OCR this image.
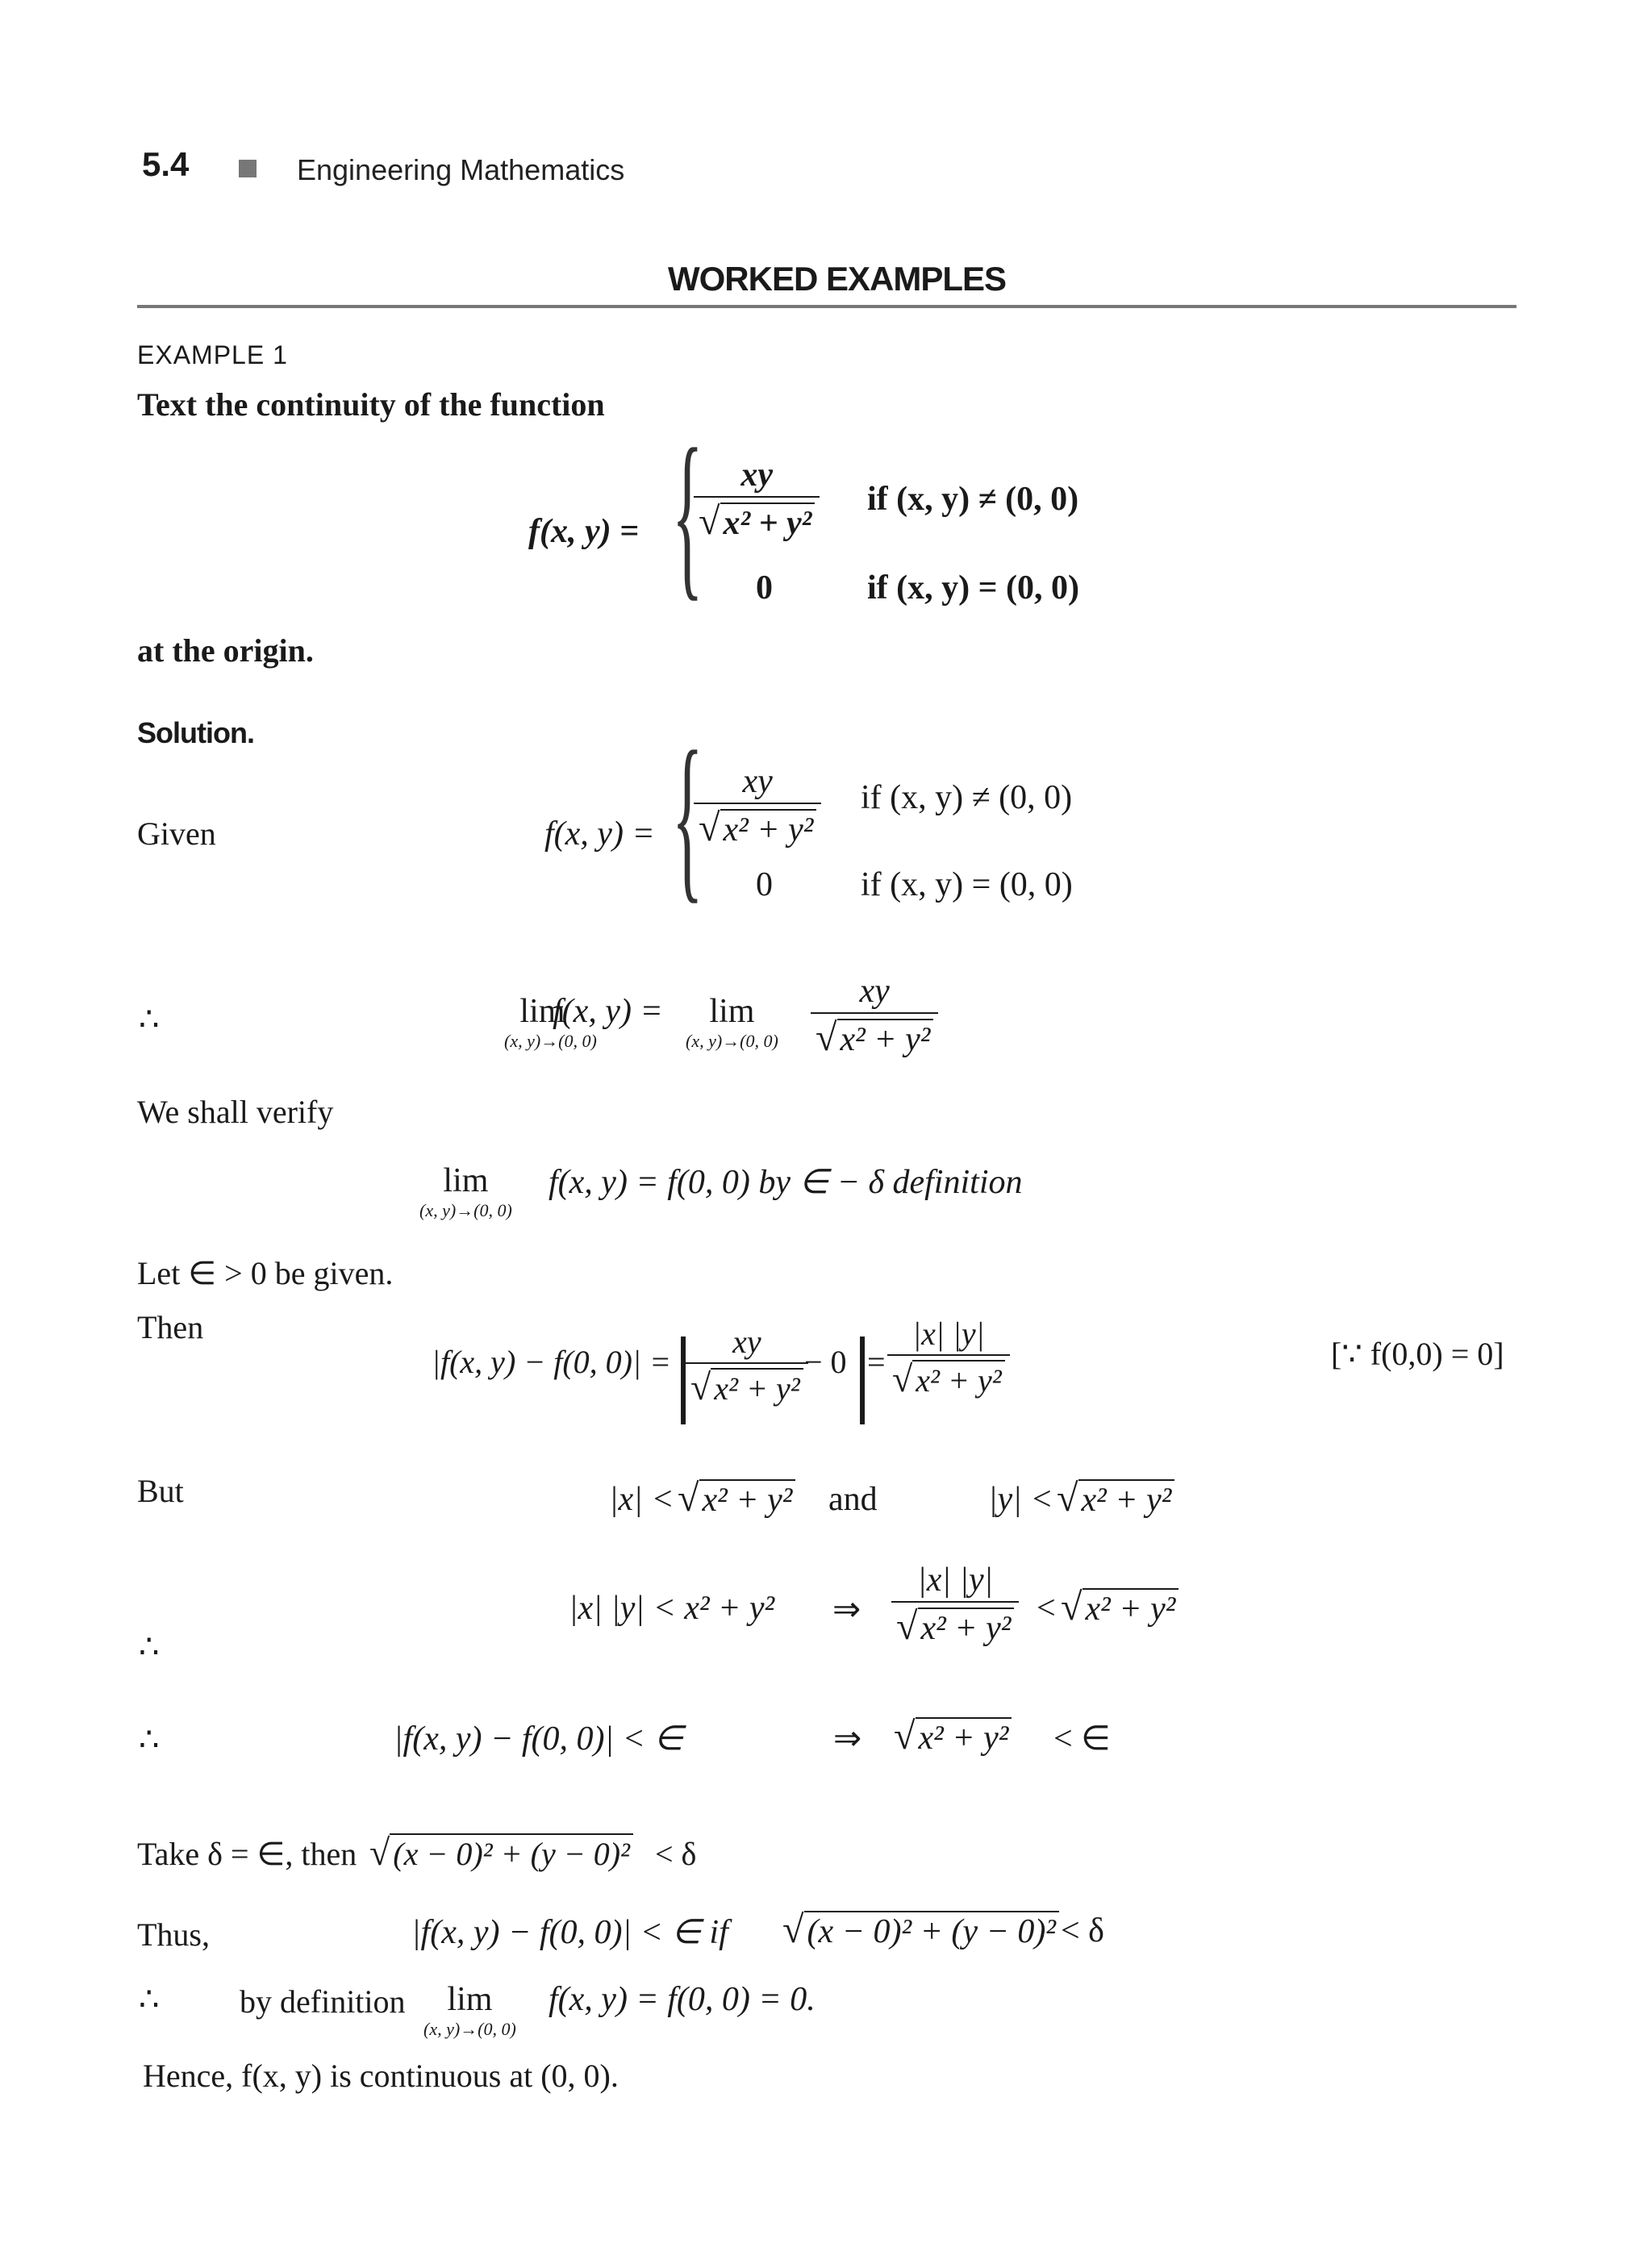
5.4	Engineering Mathematics
WORKED EXAMPLES
EXAMPLE 1
Text the continuity of the function
f(x, y) = { xy
√x² + y²
if (x, y) ≠ (0, 0)
0	if (x, y) = (0, 0)
at the origin.
Solution.
Given	f(x, y) = { xy
√x² + y²
if (x, y) ≠ (0, 0)
0	if (x, y) = (0, 0)
∴	lim
(x, y)→(0, 0)
f(x, y) = lim
(x, y)→(0, 0)
xy
√x² + y²
We shall verify
lim
(x, y)→(0, 0)
f(x, y) = f(0, 0) by ∈ − δ definition
Let ∈ > 0 be given.
Then
|f(x, y) − f(0, 0)| = | xy
√ x² + y²
− 0 |
=
|x| |y|
√ x² + y²
[∵ f(0,0) = 0]
But	|x| < √x² + y² and	|y| < √x² + y²
|x| |y| < x² + y² ⇒
|x| |y|
√x² + y²
< √x² + y²
∴
∴	|f(x, y) − f(0, 0)| < ∈	⇒ √x² + y² < ∈
Take δ = ∈, then √ (x − 0)² + (y − 0)² < δ
Thus,	|f(x, y) − f(0, 0)| < ∈ if √(x − 0)² + (y − 0)² < δ
∴ by definition lim
(x, y)→(0, 0)
f(x, y) = f(0, 0) = 0.
Hence, f(x, y) is continuous at (0, 0).
